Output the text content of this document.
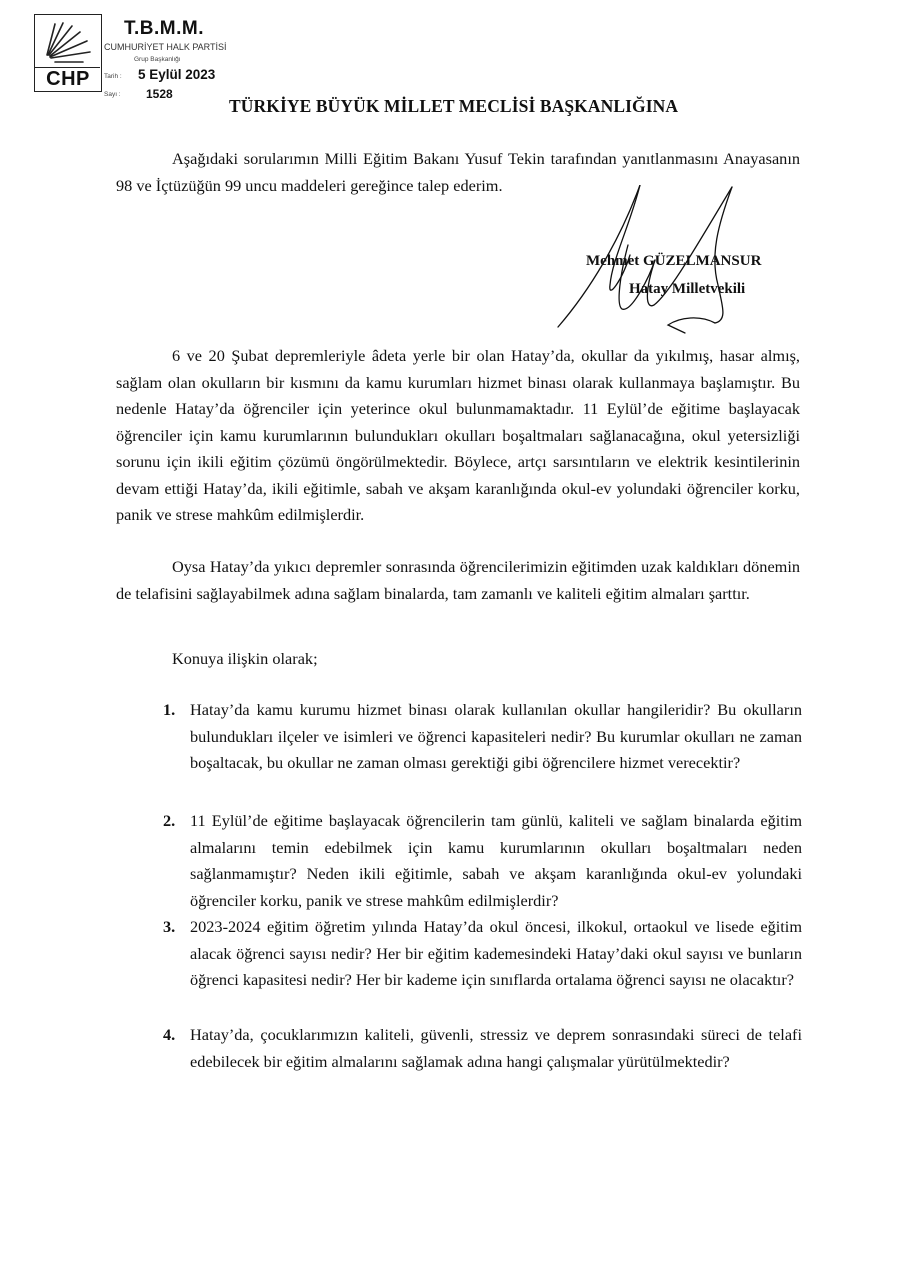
CHP
T.B.M.M.
CUMHURİYET HALK PARTİSİ
Grup Başkanlığı
Tarih : 5 Eylül 2023
Sayı : 1528
TÜRKİYE BÜYÜK MİLLET MECLİSİ BAŞKANLIĞINA
Aşağıdaki sorularımın Milli Eğitim Bakanı Yusuf Tekin tarafından yanıtlanmasını Anayasanın 98 ve İçtüzüğün 99 uncu maddeleri gereğince talep ederim.
Mehmet GÜZELMANSUR
Hatay Milletvekili
6 ve 20 Şubat depremleriyle âdeta yerle bir olan Hatay’da, okullar da yıkılmış, hasar almış, sağlam olan okulların bir kısmını da kamu kurumları hizmet binası olarak kullanmaya başlamıştır. Bu nedenle Hatay’da öğrenciler için yeterince okul bulunmamaktadır. 11 Eylül’de eğitime başlayacak öğrenciler için kamu kurumlarının bulundukları okulları boşaltmaları sağlanacağına, okul yetersizliği sorunu için ikili eğitim çözümü öngörülmektedir. Böylece, artçı sarsıntıların ve elektrik kesintilerinin devam ettiği Hatay’da, ikili eğitimle, sabah ve akşam karanlığında okul-ev yolundaki öğrenciler korku, panik ve strese mahkûm edilmişlerdir.
Oysa Hatay’da yıkıcı depremler sonrasında öğrencilerimizin eğitimden uzak kaldıkları dönemin de telafisini sağlayabilmek adına sağlam binalarda, tam zamanlı ve kaliteli eğitim almaları şarttır.
Konuya ilişkin olarak;
1. Hatay’da kamu kurumu hizmet binası olarak kullanılan okullar hangileridir? Bu okulların bulundukları ilçeler ve isimleri ve öğrenci kapasiteleri nedir? Bu kurumlar okulları ne zaman boşaltacak, bu okullar ne zaman olması gerektiği gibi öğrencilere hizmet verecektir?
2. 11 Eylül’de eğitime başlayacak öğrencilerin tam günlü, kaliteli ve sağlam binalarda eğitim almalarını temin edebilmek için kamu kurumlarının okulları boşaltmaları neden sağlanmamıştır? Neden ikili eğitimle, sabah ve akşam karanlığında okul-ev yolundaki öğrenciler korku, panik ve strese mahkûm edilmişlerdir?
3. 2023-2024 eğitim öğretim yılında Hatay’da okul öncesi, ilkokul, ortaokul ve lisede eğitim alacak öğrenci sayısı nedir? Her bir eğitim kademesindeki Hatay’daki okul sayısı ve bunların öğrenci kapasitesi nedir? Her bir kademe için sınıflarda ortalama öğrenci sayısı ne olacaktır?
4. Hatay’da, çocuklarımızın kaliteli, güvenli, stressiz ve deprem sonrasındaki süreci de telafi edebilecek bir eğitim almalarını sağlamak adına hangi çalışmalar yürütülmektedir?
